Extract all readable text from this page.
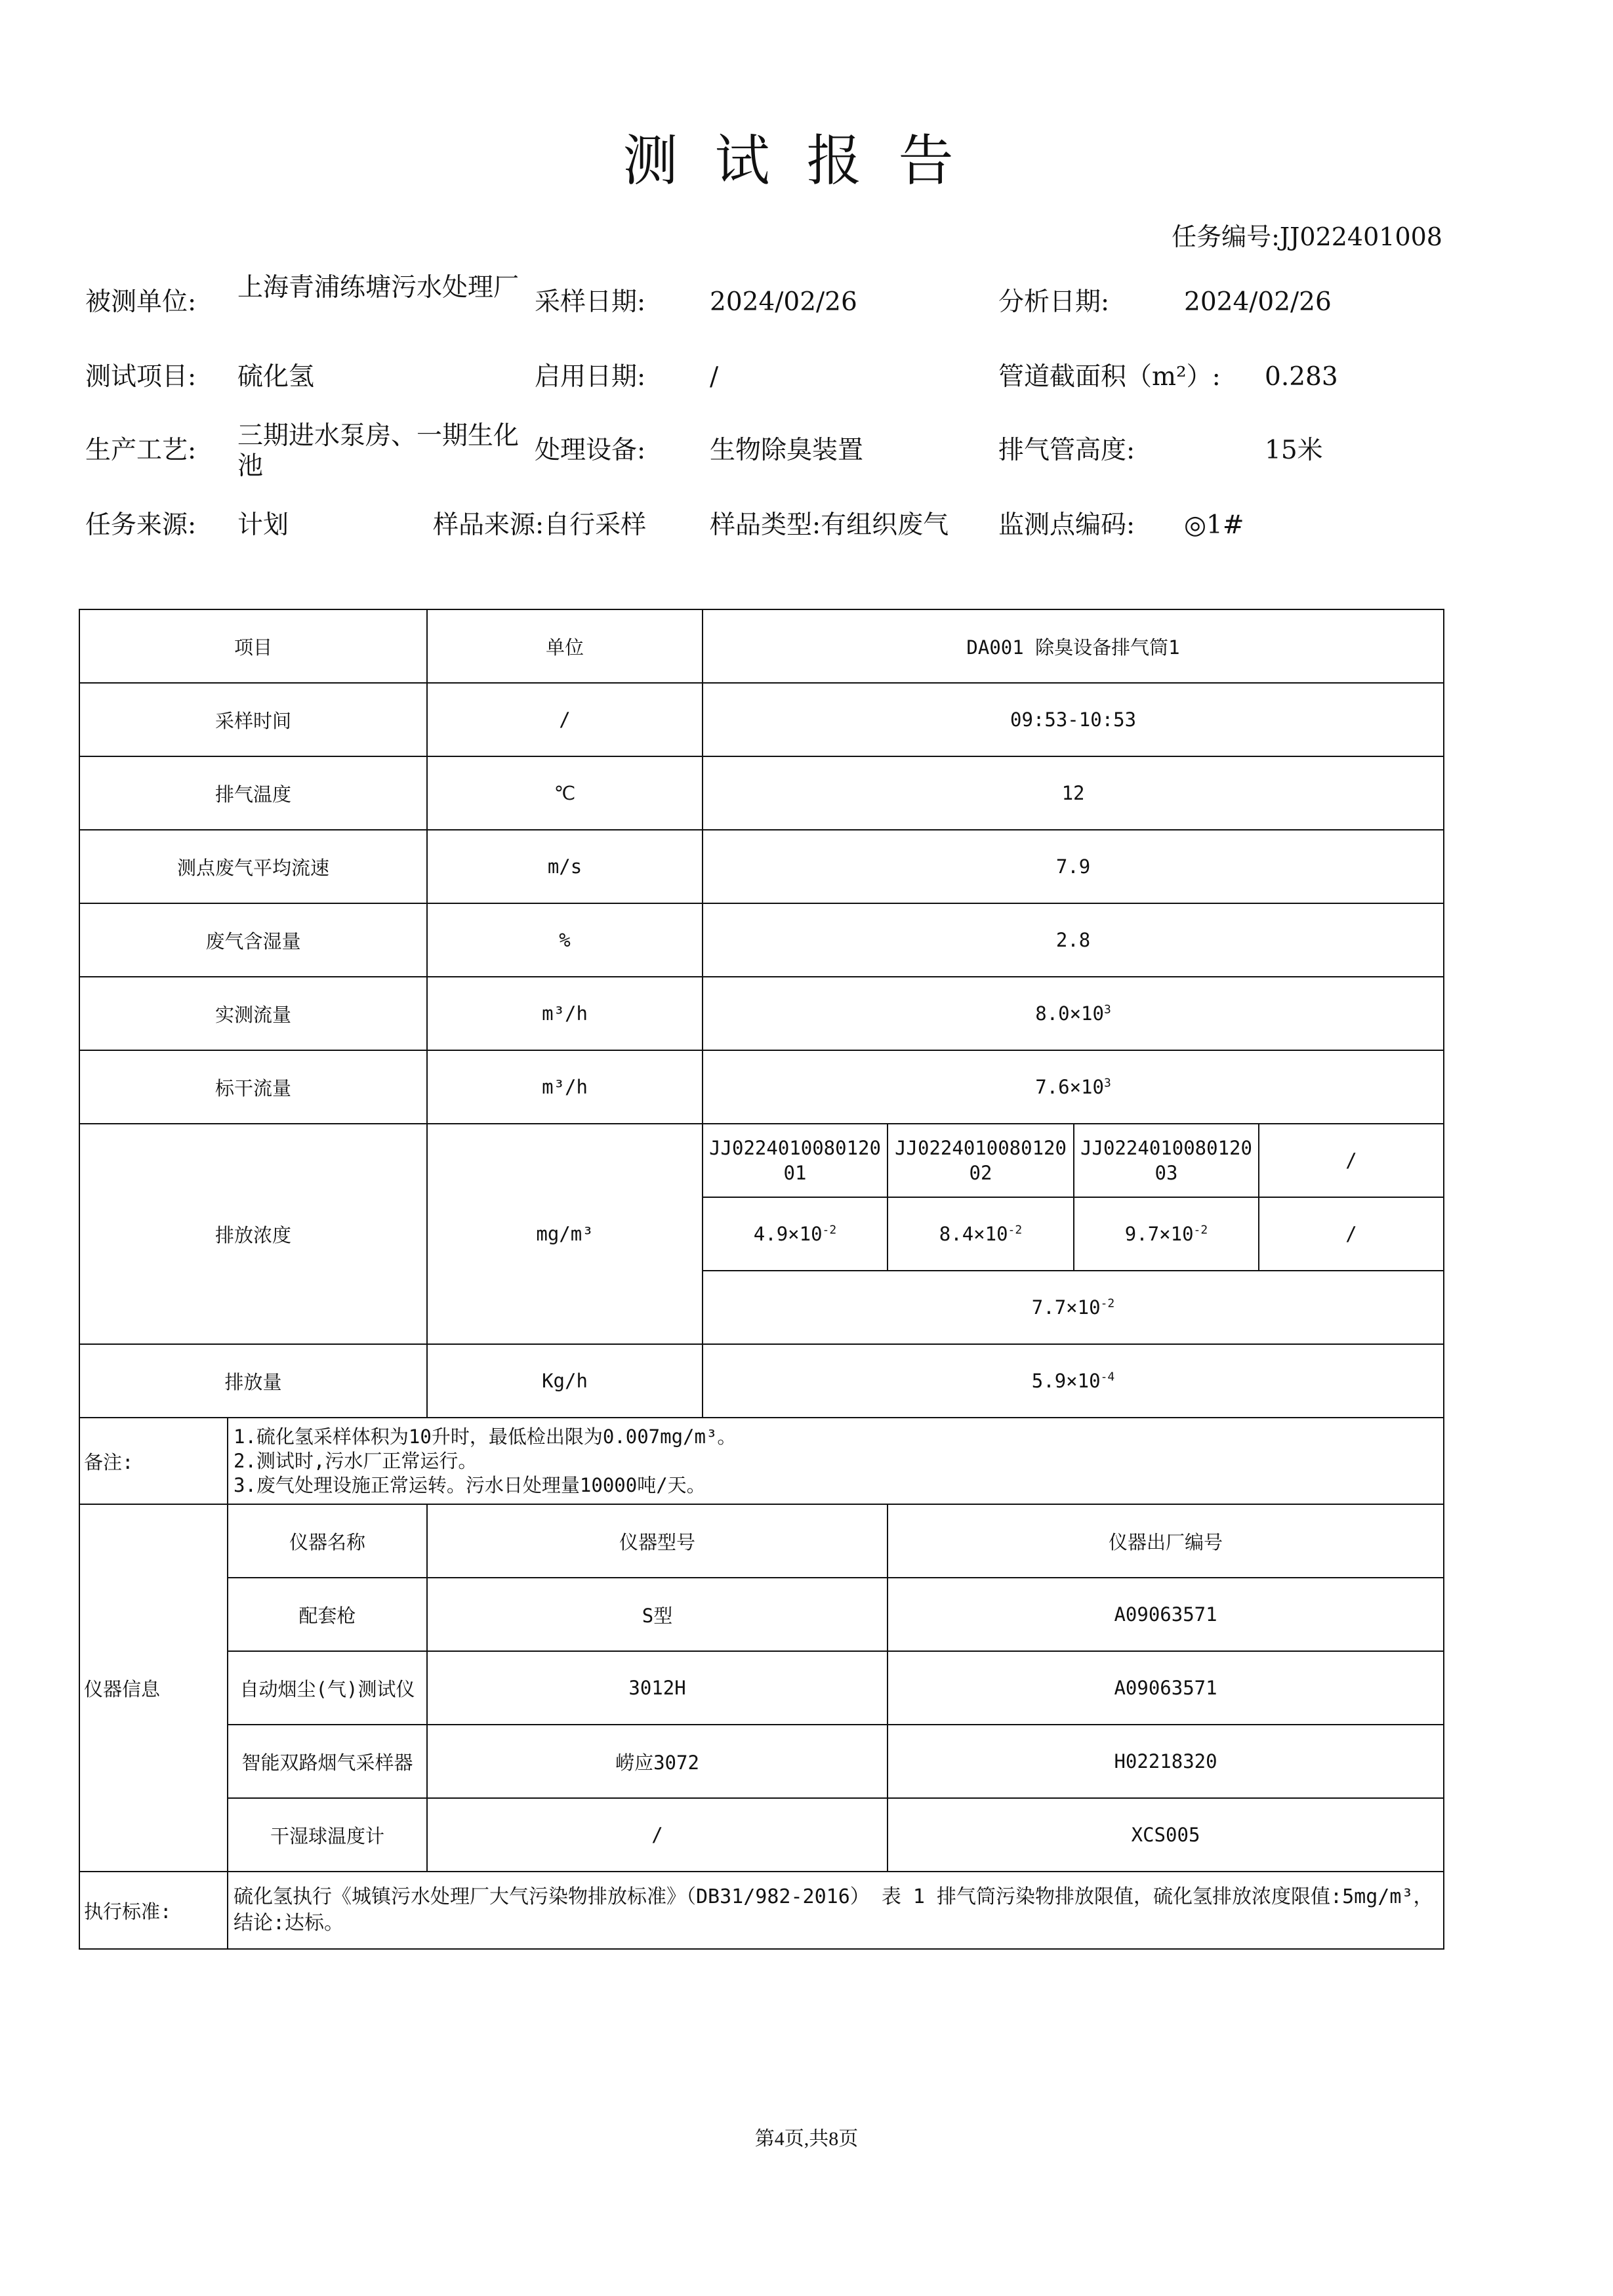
测试报告
任务编号:JJ022401008
被测单位: 上海青浦练塘污水处理厂 采样日期:	2024/02/26	分析日期:	2024/02/26
测试项目: 硫化氢	启用日期:	/	管道截面积（m²）: 0.283
生产工艺: 三期进水泵房、一期生化池
处理设备:	生物除臭装置	排气管高度:	15米
任务来源: 计划	样品来源:自行采样 样品类型:有组织废气 监测点编码: ◎1#
项目		单位	DA001 除臭设备排气筒1			
采样时间		/	09:53-10:53			
排气温度		℃	12			
测点废气平均流速		m/s	7.9			
废气含湿量		%	2.8			
实测流量		m³/h	$8.0\times 10^3$
标干流量		m³/h	$7.6\times 10^3$
排放浓度		mg/m³	JJ022401008012001	JJ022401008012002	JJ022401008012003	/
			$4.9\times 10^{-2}$	$8.4\times 10^{-2}$	$9.7\times 10^{-2}$	/
			$7.7\times 10^{-2}$
排放量		Kg/h	$5.9\times 10^{-4}$
备注:	1.硫化氢采样体积为10升时，最低检出限为0.007mg/m³。
2.测试时,污水厂正常运行。
3.废气处理设施正常运转。污水日处理量10000吨/天。					

仪器信息	仪器名称	仪器型号		仪器出厂编号		
	配套枪	S型		A09063571		
	自动烟尘(气)测试仪	3012H		A09063571		
	智能双路烟气采样器	崂应3072		H02218320		
	干湿球温度计	/		XCS005		
执行标准:	硫化氢执行《城镇污水处理厂大气污染物排放标准》（DB31/982-2016） 表 1 排气筒污染物排放限值，硫化氢排放浓度限值:5mg/m³，结论:达标。					
第4页,共8页
